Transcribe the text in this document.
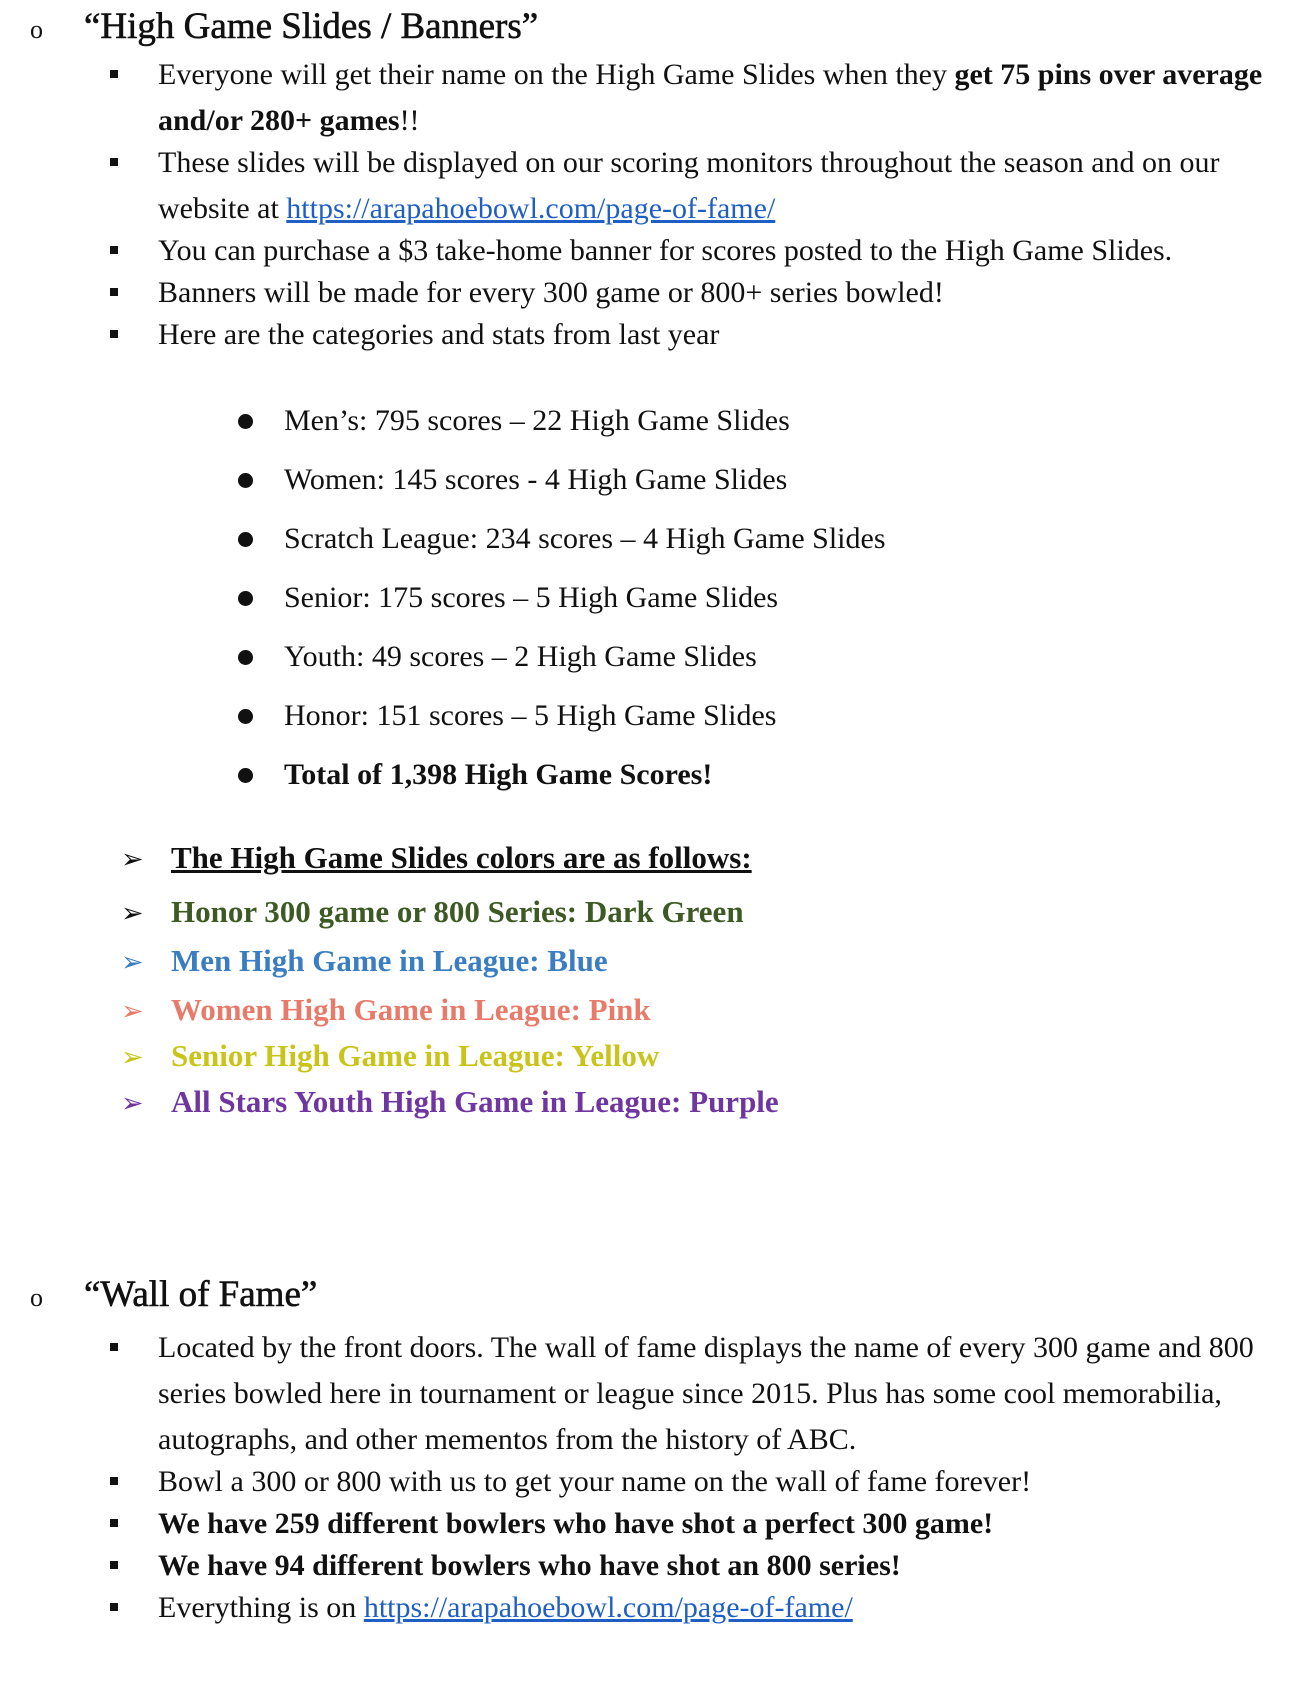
o “High Game Slides / Banners”
Everyone will get their name on the High Game Slides when they get 75 pins over average and/or 280+ games!!
These slides will be displayed on our scoring monitors throughout the season and on our website at https://arapahoebowl.com/page-of-fame/
You can purchase a $3 take-home banner for scores posted to the High Game Slides.
Banners will be made for every 300 game or 800+ series bowled!
Here are the categories and stats from last year
Men’s: 795 scores – 22 High Game Slides
Women: 145 scores - 4 High Game Slides
Scratch League: 234 scores – 4 High Game Slides
Senior: 175 scores – 5 High Game Slides
Youth: 49 scores – 2 High Game Slides
Honor: 151 scores – 5 High Game Slides
Total of 1,398 High Game Scores!
➢ The High Game Slides colors are as follows:
➢ Honor 300 game or 800 Series: Dark Green
➢ Men High Game in League: Blue
➢ Women High Game in League: Pink
➢ Senior High Game in League: Yellow
➢ All Stars Youth High Game in League: Purple
o “Wall of Fame”
Located by the front doors. The wall of fame displays the name of every 300 game and 800 series bowled here in tournament or league since 2015. Plus has some cool memorabilia, autographs, and other mementos from the history of ABC.
Bowl a 300 or 800 with us to get your name on the wall of fame forever!
We have 259 different bowlers who have shot a perfect 300 game!
We have 94 different bowlers who have shot an 800 series!
Everything is on https://arapahoebowl.com/page-of-fame/
